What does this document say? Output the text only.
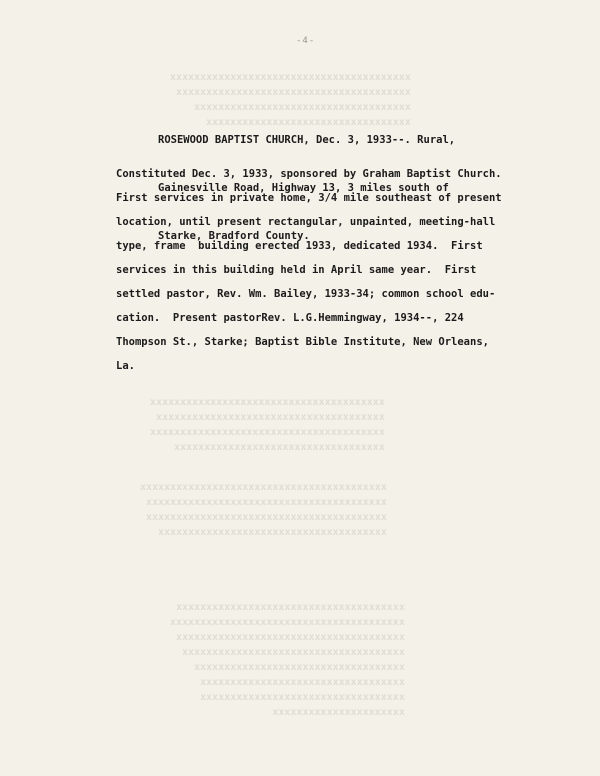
-4-
xxxxxxxxxxxxxxxxxxxxxxxxxxxxxxxxxxxxxxxx
xxxxxxxxxxxxxxxxxxxxxxxxxxxxxxxxxxxxxxx
xxxxxxxxxxxxxxxxxxxxxxxxxxxxxxxxxxxx
xxxxxxxxxxxxxxxxxxxxxxxxxxxxxxxxxx
xxxxxxxxxxxxxxxxxxxxxxxxxxxxxxxxxxxxxxx
xxxxxxxxxxxxxxxxxxxxxxxxxxxxxxxxxxxxxx
xxxxxxxxxxxxxxxxxxxxxxxxxxxxxxxxxxxxxxx
xxxxxxxxxxxxxxxxxxxxxxxxxxxxxxxxxxx
xxxxxxxxxxxxxxxxxxxxxxxxxxxxxxxxxxxxxxxxx
xxxxxxxxxxxxxxxxxxxxxxxxxxxxxxxxxxxxxxxx
xxxxxxxxxxxxxxxxxxxxxxxxxxxxxxxxxxxxxxxx
xxxxxxxxxxxxxxxxxxxxxxxxxxxxxxxxxxxxxx
xxxxxxxxxxxxxxxxxxxxxxxxxxxxxxxxxxxxxx
xxxxxxxxxxxxxxxxxxxxxxxxxxxxxxxxxxxxxxx
xxxxxxxxxxxxxxxxxxxxxxxxxxxxxxxxxxxxxx
xxxxxxxxxxxxxxxxxxxxxxxxxxxxxxxxxxxxx
xxxxxxxxxxxxxxxxxxxxxxxxxxxxxxxxxxx
xxxxxxxxxxxxxxxxxxxxxxxxxxxxxxxxxx
xxxxxxxxxxxxxxxxxxxxxxxxxxxxxxxxxx
xxxxxxxxxxxxxxxxxxxxxx

ROSEWOOD BAPTIST CHURCH, Dec. 3, 1933--. Rural,

Gainesville Road, Highway 13, 3 miles south of

Starke, Bradford County.

Constituted Dec. 3, 1933, sponsored by Graham Baptist Church.
First services in private home, 3/4 mile southeast of present
location, until present rectangular, unpainted, meeting-hall
type, frame  building erected 1933, dedicated 1934.  First
services in this building held in April same year.  First
settled pastor, Rev. Wm. Bailey, 1933-34; common school edu-
cation.  Present pastorRev. L.G.Hemmingway, 1934--, 224
Thompson St., Starke; Baptist Bible Institute, New Orleans,
La.
